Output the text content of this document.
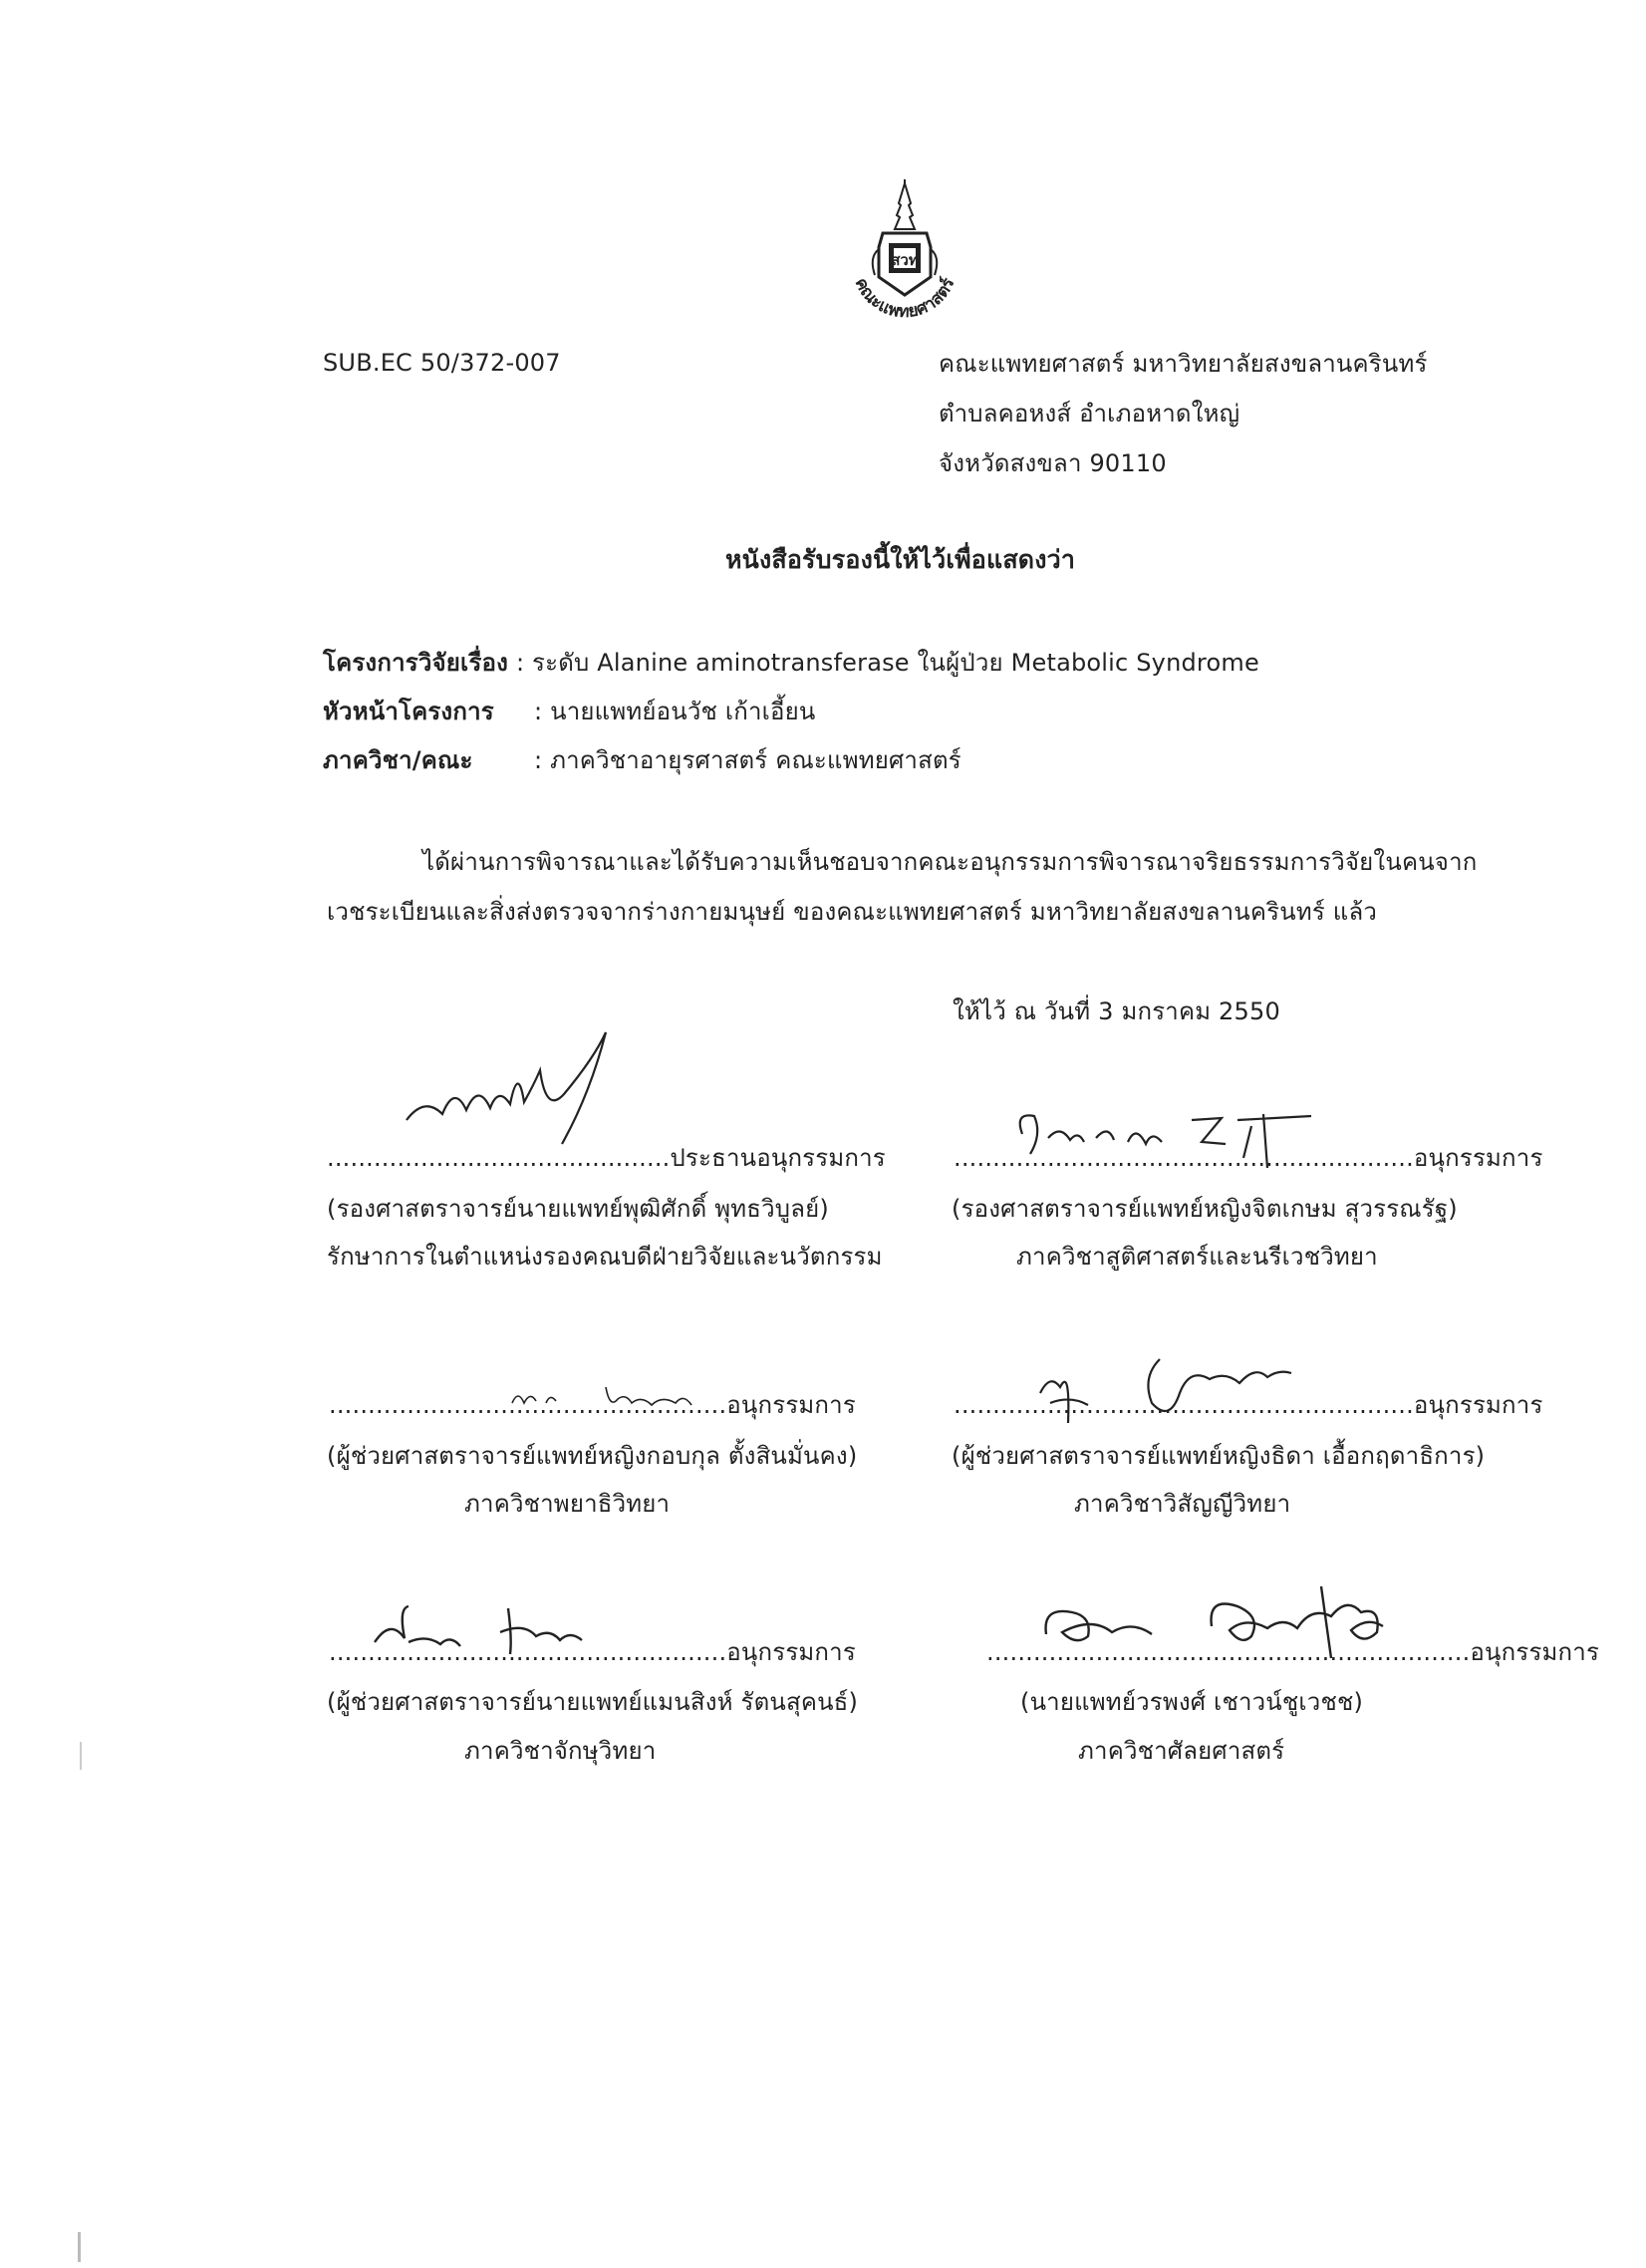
สวท
คณะแพทยศาสตร์
SUB.EC 50/372-007	คณะแพทยศาสตร์ มหาวิทยาลัยสงขลานครินทร์
ตำบลคอหงส์ อำเภอหาดใหญ่
จังหวัดสงขลา 90110
หนังสือรับรองนี้ให้ไว้เพื่อแสดงว่า
โครงการวิจัยเรื่อง : ระดับ Alanine aminotransferase ในผู้ป่วย Metabolic Syndrome
หัวหน้าโครงการ : นายแพทย์อนวัช เก้าเอี้ยน
ภาควิชา/คณะ	: ภาควิชาอายุรศาสตร์ คณะแพทยศาสตร์
ได้ผ่านการพิจารณาและได้รับความเห็นชอบจากคณะอนุกรรมการพิจารณาจริยธรรมการวิจัยในคนจาก
เวชระเบียนและสิ่งส่งตรวจจากร่างกายมนุษย์ ของคณะแพทยศาสตร์ มหาวิทยาลัยสงขลานครินทร์ แล้ว
ให้ไว้ ณ วันที่ 3 มกราคม 2550
............................................ประธานอนุกรรมการ
(รองศาสตราจารย์นายแพทย์พุฒิศักดิ์ พุทธวิบูลย์)
รักษาการในตำแหน่งรองคณบดีฝ่ายวิจัยและนวัตกรรม
...........................................................อนุกรรมการ
(รองศาสตราจารย์แพทย์หญิงจิตเกษม สุวรรณรัฐ)
ภาควิชาสูติศาสตร์และนรีเวชวิทยา
...................................................อนุกรรมการ
(ผู้ช่วยศาสตราจารย์แพทย์หญิงกอบกุล ตั้งสินมั่นคง)
ภาควิชาพยาธิวิทยา
...........................................................อนุกรรมการ
(ผู้ช่วยศาสตราจารย์แพทย์หญิงธิดา เอื้อกฤดาธิการ)
ภาควิชาวิสัญญีวิทยา
...................................................อนุกรรมการ
(ผู้ช่วยศาสตราจารย์นายแพทย์แมนสิงห์ รัตนสุคนธ์)
ภาควิชาจักษุวิทยา
..............................................................อนุกรรมการ
(นายแพทย์วรพงศ์ เชาวน์ชูเวชช)
ภาควิชาศัลยศาสตร์
